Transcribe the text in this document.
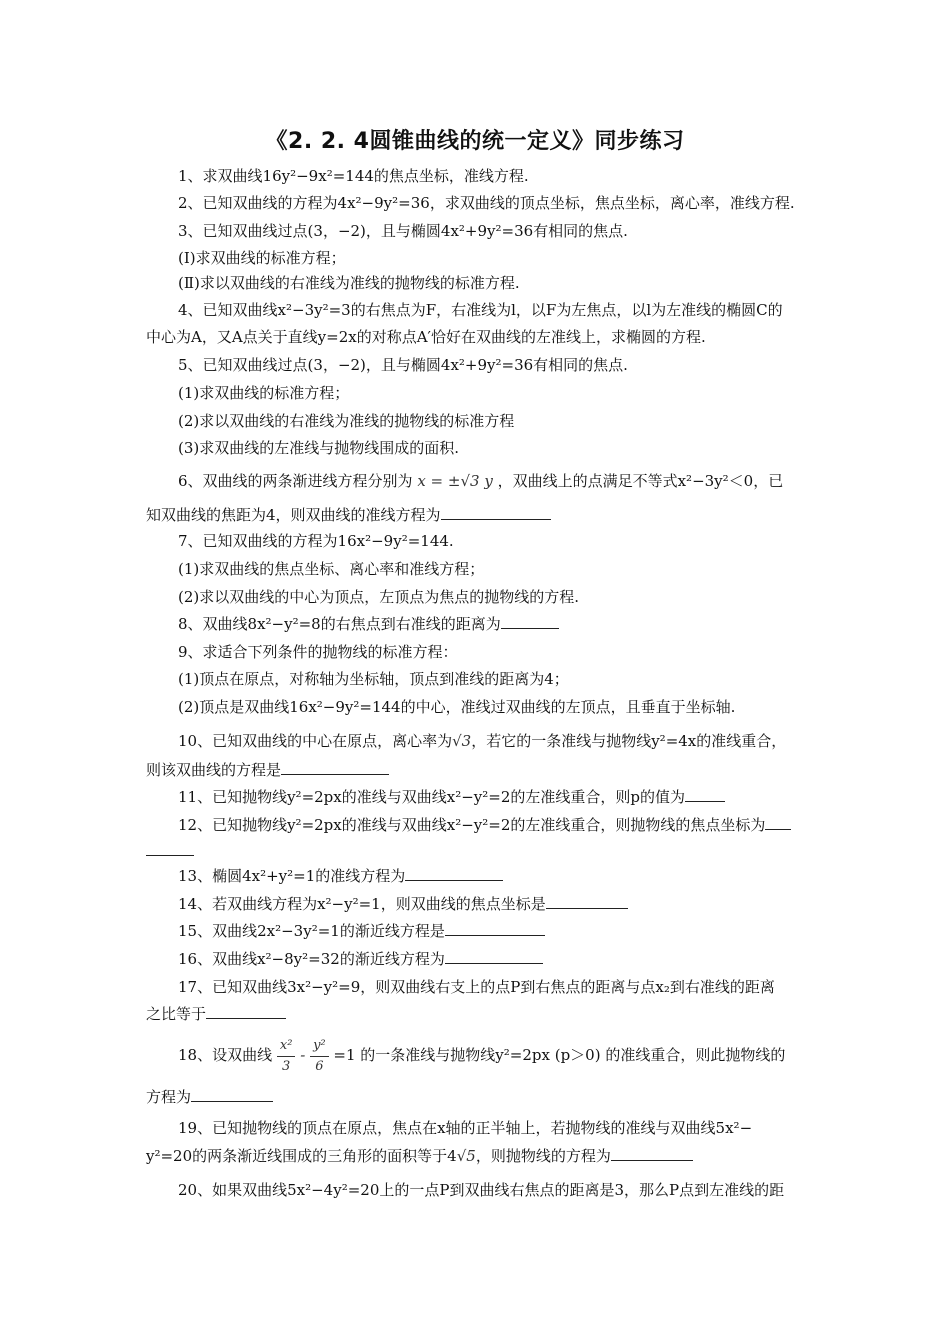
《2. 2. 4圆锥曲线的统一定义》同步练习
1、求双曲线16y²−9x²=144的焦点坐标，准线方程.
2、已知双曲线的方程为4x²−9y²=36，求双曲线的顶点坐标，焦点坐标，离心率，准线方程.
3、已知双曲线过点(3，−2)，且与椭圆4x²+9y²=36有相同的焦点.
(Ⅰ)求双曲线的标准方程；
(Ⅱ)求以双曲线的右准线为准线的抛物线的标准方程.
4、已知双曲线x²−3y²=3的右焦点为F，右准线为l，以F为左焦点，以l为左准线的椭圆C的
中心为A，又A点关于直线y=2x的对称点A′恰好在双曲线的左准线上，求椭圆的方程.
5、已知双曲线过点(3，−2)，且与椭圆4x²+9y²=36有相同的焦点.
(1)求双曲线的标准方程；
(2)求以双曲线的右准线为准线的抛物线的标准方程
(3)求双曲线的左准线与抛物线围成的面积.
6、双曲线的两条渐进线方程分别为 x = ±√3 y ，双曲线上的点满足不等式x²−3y²＜0，已
知双曲线的焦距为4，则双曲线的准线方程为
7、已知双曲线的方程为16x²−9y²=144.
(1)求双曲线的焦点坐标、离心率和准线方程；
(2)求以双曲线的中心为顶点，左顶点为焦点的抛物线的方程.
8、双曲线8x²−y²=8的右焦点到右准线的距离为
9、求适合下列条件的抛物线的标准方程：
(1)顶点在原点，对称轴为坐标轴，顶点到准线的距离为4；
(2)顶点是双曲线16x²−9y²=144的中心，准线过双曲线的左顶点，且垂直于坐标轴.
10、已知双曲线的中心在原点，离心率为√3，若它的一条准线与抛物线y²=4x的准线重合，
则该双曲线的方程是
11、已知抛物线y²=2px的准线与双曲线x²−y²=2的左准线重合，则p的值为
12、已知抛物线y²=2px的准线与双曲线x²−y²=2的左准线重合，则抛物线的焦点坐标为
13、椭圆4x²+y²=1的准线方程为
14、若双曲线方程为x²−y²=1，则双曲线的焦点坐标是
15、双曲线2x²−3y²=1的渐近线方程是
16、双曲线x²−8y²=32的渐近线方程为
17、已知双曲线3x²−y²=9，则双曲线右支上的点P到右焦点的距离与点x₂到右准线的距离
之比等于
18、设双曲线 $\frac{\text{x²}}{3} - \frac{\text{y²}}{6} =1$ 的一条准线与抛物线y²=2px (p＞0) 的准线重合，则此抛物线的
方程为
19、已知抛物线的顶点在原点，焦点在x轴的正半轴上，若抛物线的准线与双曲线5x²−
y²=20的两条渐近线围成的三角形的面积等于4√5，则抛物线的方程为
20、如果双曲线5x²−4y²=20上的一点P到双曲线右焦点的距离是3，那么P点到左准线的距
